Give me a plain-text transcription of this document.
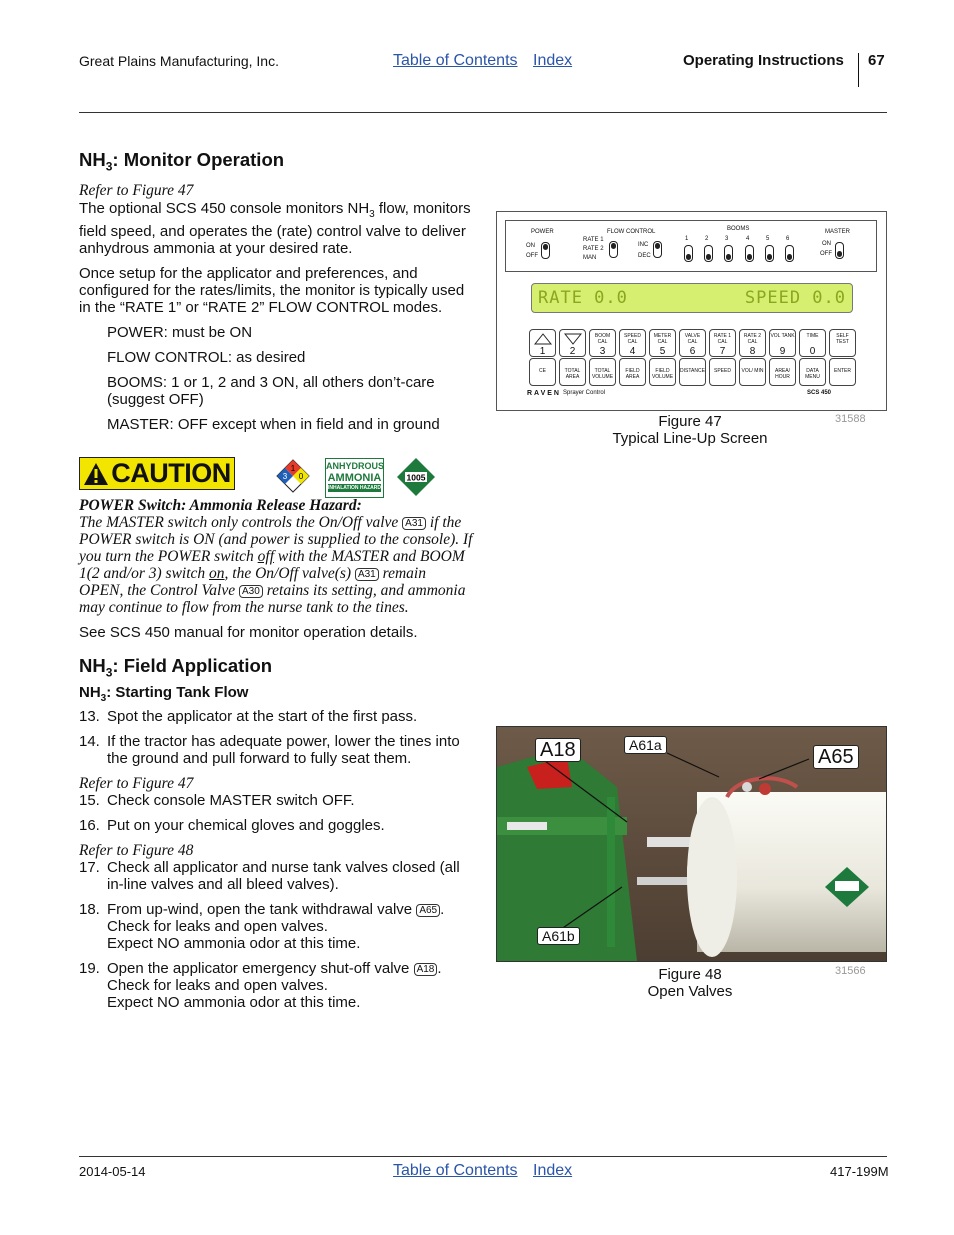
Great Plains Manufacturing, Inc.	Table of Contents Index	Operating Instructions 67
$NH_3$: Monitor Operation
Refer to Figure 47
The optional SCS 450 console monitors $NH_3$ flow, monitors field speed, and operates the (rate) control valve to deliver anhydrous ammonia at your desired rate.
Once setup for the applicator and preferences, and configured for the rates/limits, the monitor is typically used in the “RATE 1” or “RATE 2” FLOW CONTROL modes.
POWER: must be ON
FLOW CONTROL: as desired
BOOMS: 1 or 1, 2 and 3 ON, all others don’t-care (suggest OFF)
MASTER: OFF except when in field and in ground
CAUTION	1
3 0
ANHYDROUS
AMMONIA
INHALATION HAZARD
1005
POWER Switch: Ammonia Release Hazard:
The MASTER switch only controls the On/Off valve A31 if the POWER switch is ON (and power is supplied to the console). If you turn the POWER switch off with the MASTER and BOOM 1(2 and/or 3) switch on, the On/Off valve(s) A31 remain OPEN, the Control Valve A30 retains its setting, and ammonia may continue to flow from the nurse tank to the tines.
See SCS 450 manual for monitor operation details.
$NH_3$: Field Application
$NH_3$: Starting Tank Flow
13. Spot the applicator at the start of the first pass.
14. If the tractor has adequate power, lower the tines into the ground and pull forward to fully seat them.
Refer to Figure 47
15. Check console MASTER switch OFF.
16. Put on your chemical gloves and goggles.
Refer to Figure 48
17. Check all applicator and nurse tank valves closed (all in-line valves and all bleed valves).
18. From up-wind, open the tank withdrawal valve A65 .
Check for leaks and open valves.
Expect NO ammonia odor at this time.
19. Open the applicator emergency shut-off valve A18 .
Check for leaks and open valves.
Expect NO ammonia odor at this time.
POWER
ON
OFF
FLOW CONTROL
RATE 1
RATE 2
MAN
INC
DEC
BOOMS
1	2	3	4	5	6
MASTER
ON
OFF
RATE 0.0	SPEED 0.0
1	2
BOOM CAL
3
SPEED CAL
4
METER CAL
5
VALVE CAL
6
RATE 1 CAL
7
RATE 2 CAL
8
VOL TANK
9
TIME
0
SELF TEST
CE	TOTAL AREA
TOTAL VOLUME
FIELD AREA
FIELD VOLUME
DISTANCE	SPEED	VOL/ MIN	AREA/ HOUR
DATA MENU
ENTER
RAVEN Sprayer Control	SCS 450
Figure 47
Typical Line-Up Screen
31588
A18	A61a
A65
A61b
Figure 48
Open Valves
31566
2014-05-14	Table of Contents Index	417-199M
